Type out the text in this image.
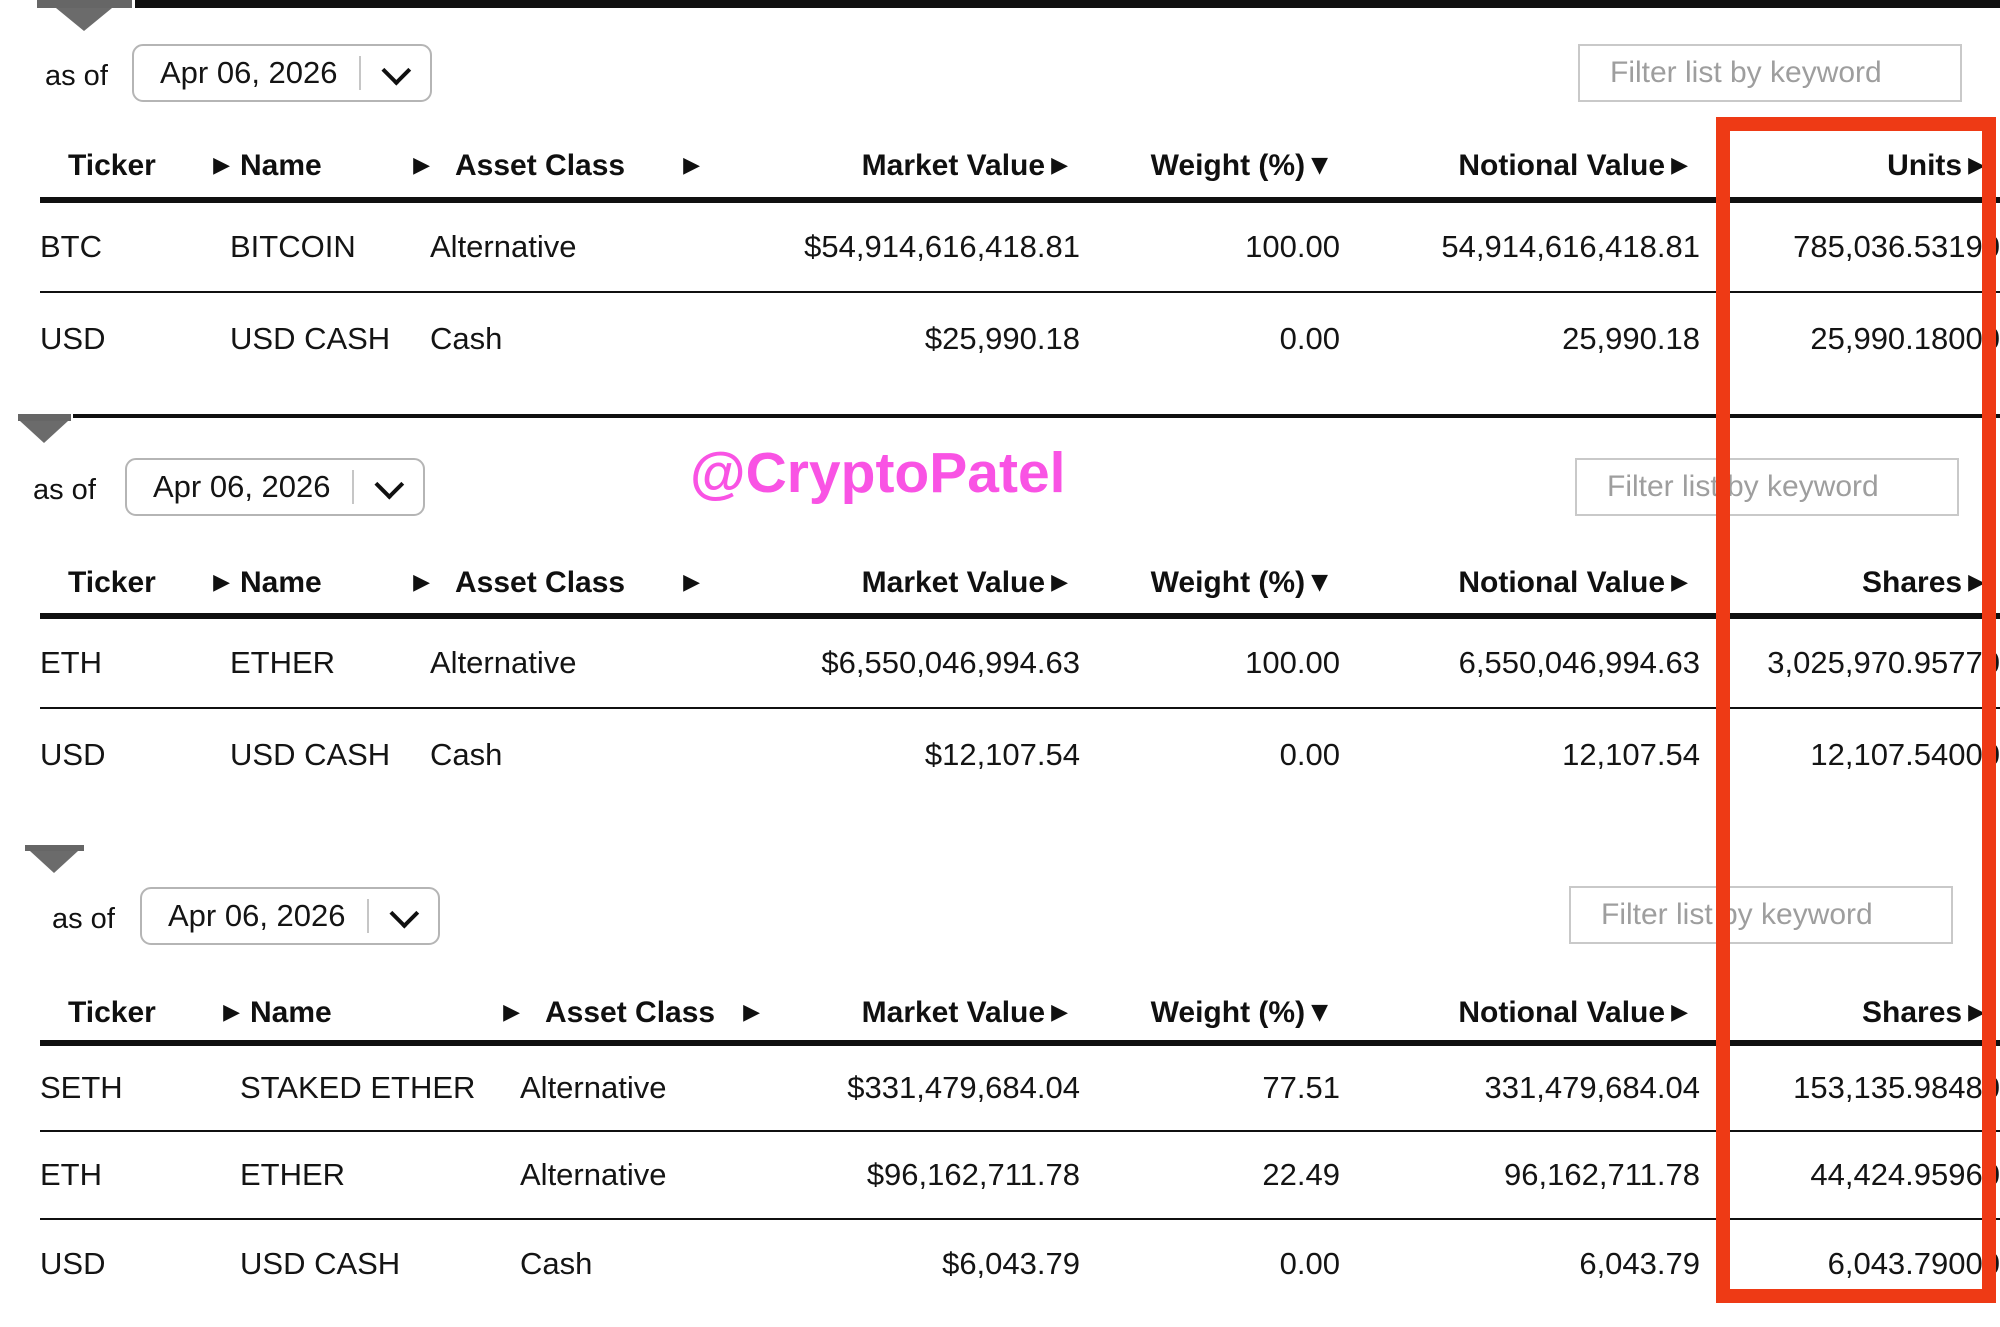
as of	Apr 06, 2026
Filter list by keyword
Ticker ▶	Name ▶	Asset Class ▶	Market Value ▶	Weight (%) ▼	Notional Value ▶	Units ▶

BTC	BITCOIN	Alternative	$54,914,616,418.81	100.00	54,914,616,418.81	785,036.53190
USD	USD CASH	Cash	$25,990.18	0.00	25,990.18	25,990.18000
@CryptoPatel
as of	Apr 06, 2026
Filter list by keyword
Ticker ▶	Name ▶	Asset Class ▶	Market Value ▶	Weight (%) ▼	Notional Value ▶	Shares ▶

ETH	ETHER	Alternative	$6,550,046,994.63	100.00	6,550,046,994.63	3,025,970.95770
USD	USD CASH	Cash	$12,107.54	0.00	12,107.54	12,107.54000
as of	Apr 06, 2026
Filter list by keyword
Ticker ▶	Name ▶	Asset Class ▶	Market Value ▶	Weight (%) ▼	Notional Value ▶	Shares ▶

SETH	STAKED ETHER	Alternative	$331,479,684.04	77.51	331,479,684.04	153,135.98480
ETH	ETHER	Alternative	$96,162,711.78	22.49	96,162,711.78	44,424.95960
USD	USD CASH	Cash	$6,043.79	0.00	6,043.79	6,043.79000
